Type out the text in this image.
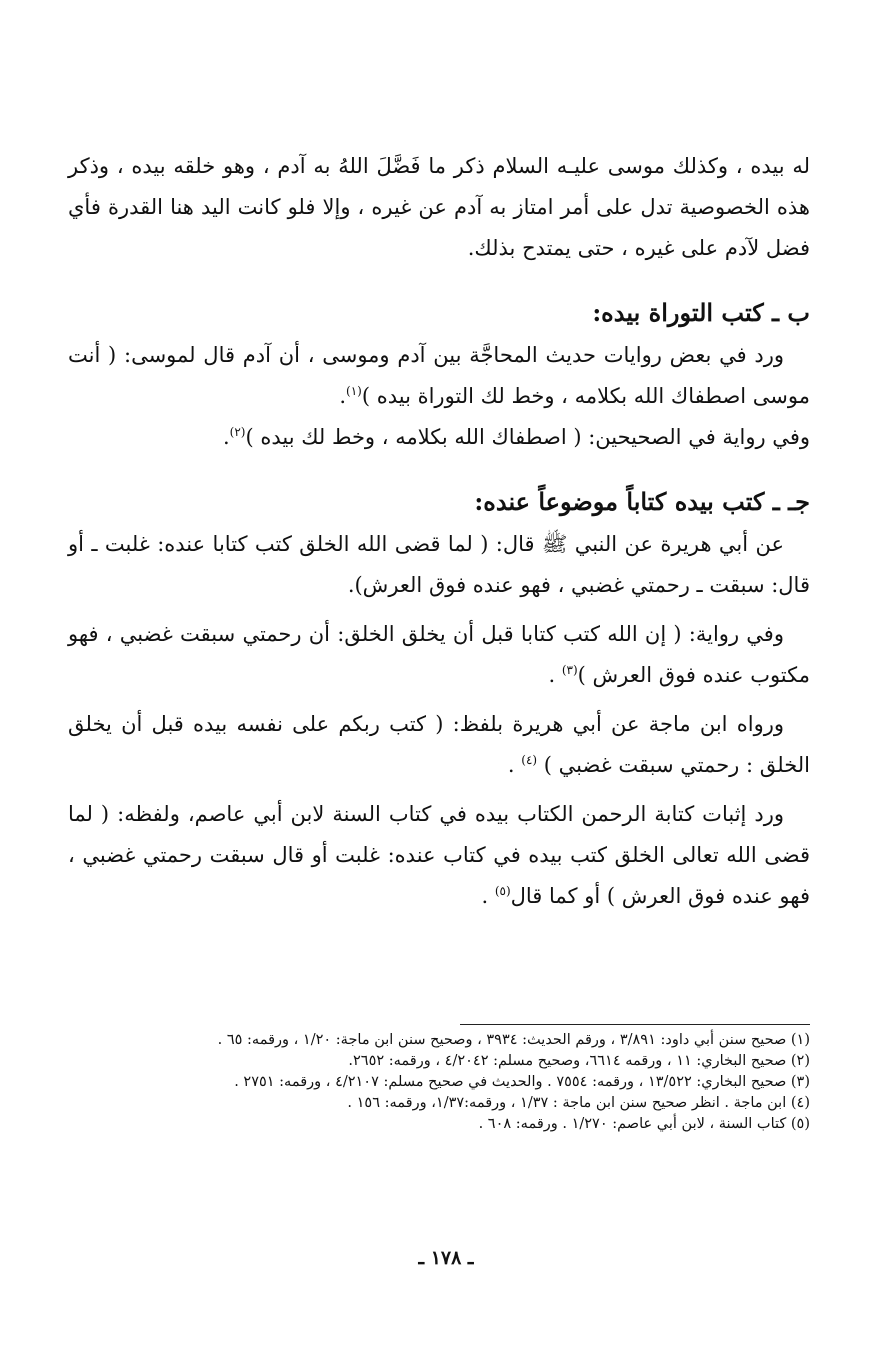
له بيده ، وكذلك موسى عليـه السلام ذكر ما فَضَّلَ اللهُ به آدم ، وهو خلقه بيده ، وذكر هذه الخصوصية تدل على أمر امتاز به آدم عن غيره ، وإلا فلو كانت اليد هنا القدرة فأي فضل لآدم على غيره ، حتى يمتدح بذلك.

ب ـ كتب التوراة بيده:

ورد في بعض روايات حديث المحاجَّة بين آدم وموسى ، أن آدم قال لموسى: ( أنت موسى اصطفاك الله بكلامه ، وخط لك التوراة بيده )$^{(١)}$.

وفي رواية في الصحيحين: ( اصطفاك الله بكلامه ، وخط لك بيده )$^{(٢)}$.

جـ ـ كتب بيده كتاباً موضوعاً عنده:

عن أبي هريرة عن النبي ﷺ قال: ( لما قضى الله الخلق كتب كتابا عنده: غلبت ـ أو قال: سبقت ـ رحمتي غضبي ، فهو عنده فوق العرش).

وفي رواية: ( إن الله كتب كتابا قبل أن يخلق الخلق: أن رحمتي سبقت غضبي ، فهو مكتوب عنده فوق العرش )$^{(٣)}$ .

ورواه ابن ماجة عن أبي هريرة بلفظ: ( كتب ربكم على نفسه بيده قبل أن يخلق الخلق : رحمتي سبقت غضبي ) $^{(٤)}$ .

ورد إثبات كتابة الرحمن الكتاب بيده في كتاب السنة لابن أبي عاصم، ولفظه: ( لما قضى الله تعالى الخلق كتب بيده في كتاب عنده: غلبت أو قال سبقت رحمتي غضبي ، فهو عنده فوق العرش ) أو كما قال$^{(٥)}$ .

(١) صحيح سنن أبي داود: ٣/٨٩١ ، ورقم الحديث: ٣٩٣٤ ، وصحيح سنن ابن ماجة: ١/٢٠ ، ورقمه: ٦٥ .

(٢) صحيح البخاري: ١١ ، ورقمه ٦٦١٤، وصحيح مسلم: ٤/٢٠٤٢ ، ورقمه: ٢٦٥٢.

(٣) صحيح البخاري: ١٣/٥٢٢ ، ورقمه: ٧٥٥٤ . والحديث في صحيح مسلم: ٤/٢١٠٧ ، ورقمه: ٢٧٥١ .

(٤) ابن ماجة . انظر صحيح سنن ابن ماجة : ١/٣٧ ، ورقمه:١/٣٧، ورقمه: ١٥٦ .

(٥) كتاب السنة ، لابن أبي عاصم: ١/٢٧٠ . ورقمه: ٦٠٨ .

ـ ١٧٨ ـ
